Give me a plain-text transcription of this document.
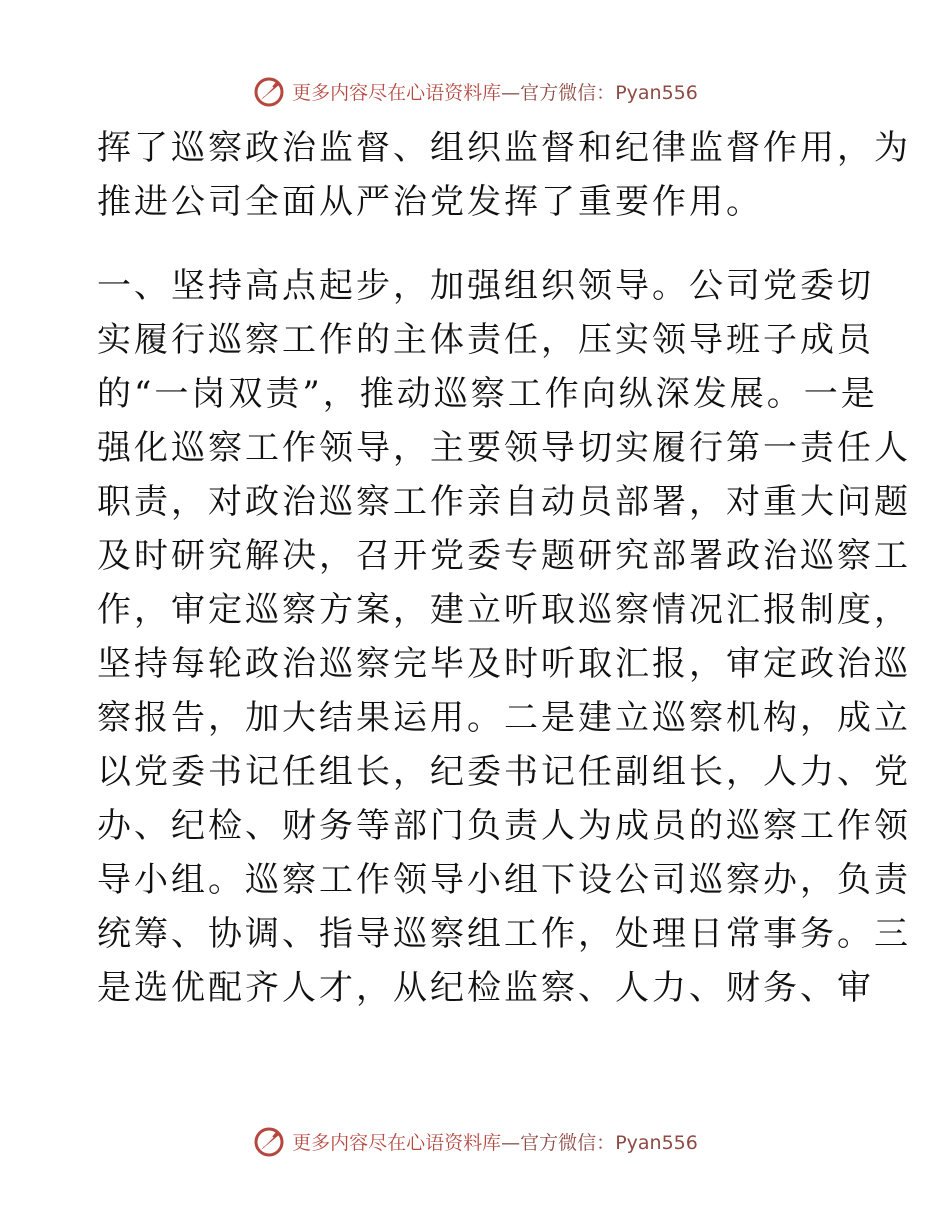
更多内容尽在心语资料库—官方微信：Pyan556
挥了巡察政治监督、组织监督和纪律监督作用，为
推进公司全面从严治党发挥了重要作用。
一、坚持高点起步，加强组织领导。公司党委切
实履行巡察工作的主体责任，压实领导班子成员
的“一岗双责”，推动巡察工作向纵深发展。一是
强化巡察工作领导，主要领导切实履行第一责任人
职责，对政治巡察工作亲自动员部署，对重大问题
及时研究解决，召开党委专题研究部署政治巡察工
作，审定巡察方案，建立听取巡察情况汇报制度，
坚持每轮政治巡察完毕及时听取汇报，审定政治巡
察报告，加大结果运用。二是建立巡察机构，成立
以党委书记任组长，纪委书记任副组长，人力、党
办、纪检、财务等部门负责人为成员的巡察工作领
导小组。巡察工作领导小组下设公司巡察办，负责
统筹、协调、指导巡察组工作，处理日常事务。三
是选优配齐人才，从纪检监察、人力、财务、审
更多内容尽在心语资料库—官方微信：Pyan556
